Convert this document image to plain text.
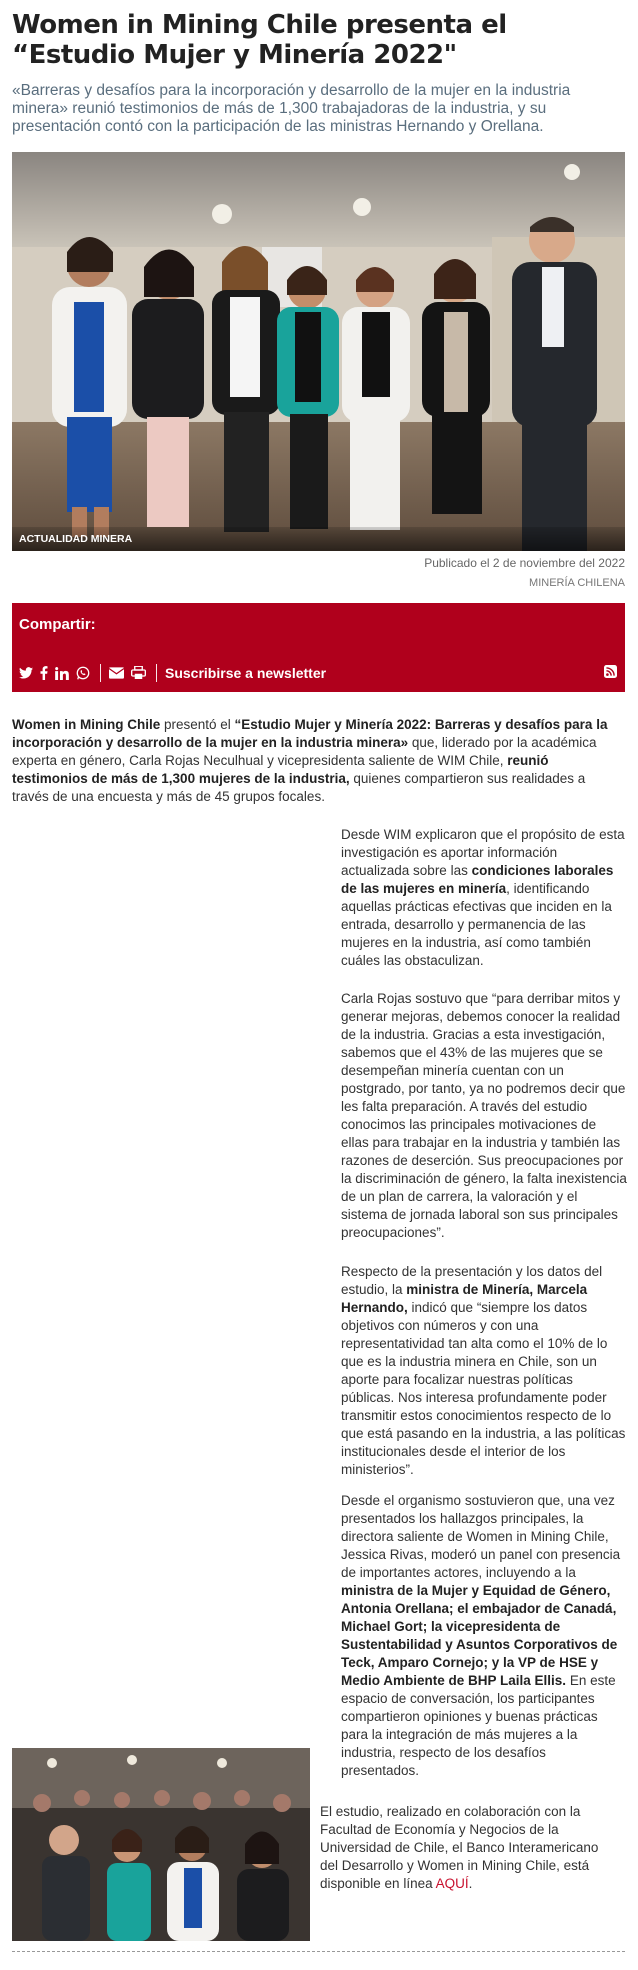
Women in Mining Chile presenta el “Estudio Mujer y Minería 2022"

«Barreras y desafíos para la incorporación y desarrollo de la mujer en la industria minera» reunió testimonios de más de 1,300 trabajadoras de la industria, y su presentación contó con la participación de las ministras Hernando y Orellana.

ACTUALIDAD MINERA
Publicado el 2 de noviembre del 2022
MINERÍA CHILENA
Compartir:
Suscribirse a newsletter

Women in Mining Chile presentó el “Estudio Mujer y Minería 2022: Barreras y desafíos para la incorporación y desarrollo de la mujer en la industria minera» que, liderado por la académica experta en género, Carla Rojas Neculhual y vicepresidenta saliente de WIM Chile, reunió testimonios de más de 1,300 mujeres de la industria, quienes compartieron sus realidades a través de una encuesta y más de 45 grupos focales.

Desde WIM explicaron que el propósito de esta investigación es aportar información actualizada sobre las condiciones laborales de las mujeres en minería, identificando aquellas prácticas efectivas que inciden en la entrada, desarrollo y permanencia de las mujeres en la industria, así como también cuáles las obstaculizan.

Carla Rojas sostuvo que “para derribar mitos y generar mejoras, debemos conocer la realidad de la industria. Gracias a esta investigación, sabemos que el 43% de las mujeres que se desempeñan minería cuentan con un postgrado, por tanto, ya no podremos decir que les falta preparación. A través del estudio conocimos las principales motivaciones de ellas para trabajar en la industria y también las razones de deserción. Sus preocupaciones por la discriminación de género, la falta inexistencia de un plan de carrera, la valoración y el sistema de jornada laboral son sus principales preocupaciones”.

Respecto de la presentación y los datos del estudio, la ministra de Minería, Marcela Hernando, indicó que “siempre los datos objetivos con números y con una representatividad tan alta como el 10% de lo que es la industria minera en Chile, son un aporte para focalizar nuestras políticas públicas. Nos interesa profundamente poder transmitir estos conocimientos respecto de lo que está pasando en la industria, a las políticas institucionales desde el interior de los ministerios”.

Desde el organismo sostuvieron que, una vez presentados los hallazgos principales, la directora saliente de Women in Mining Chile, Jessica Rivas, moderó un panel con presencia de importantes actores, incluyendo a la ministra de la Mujer y Equidad de Género, Antonia Orellana; el embajador de Canadá, Michael Gort; la vicepresidenta de Sustentabilidad y Asuntos Corporativos de Teck, Amparo Cornejo; y la VP de HSE y Medio Ambiente de BHP Laila Ellis. En este espacio de conversación, los participantes compartieron opiniones y buenas prácticas para la integración de más mujeres a la industria, respecto de los desafíos presentados.

El estudio, realizado en colaboración con la Facultad de Economía y Negocios de la Universidad de Chile, el Banco Interamericano del Desarrollo y Women in Mining Chile, está disponible en línea AQUÍ.
